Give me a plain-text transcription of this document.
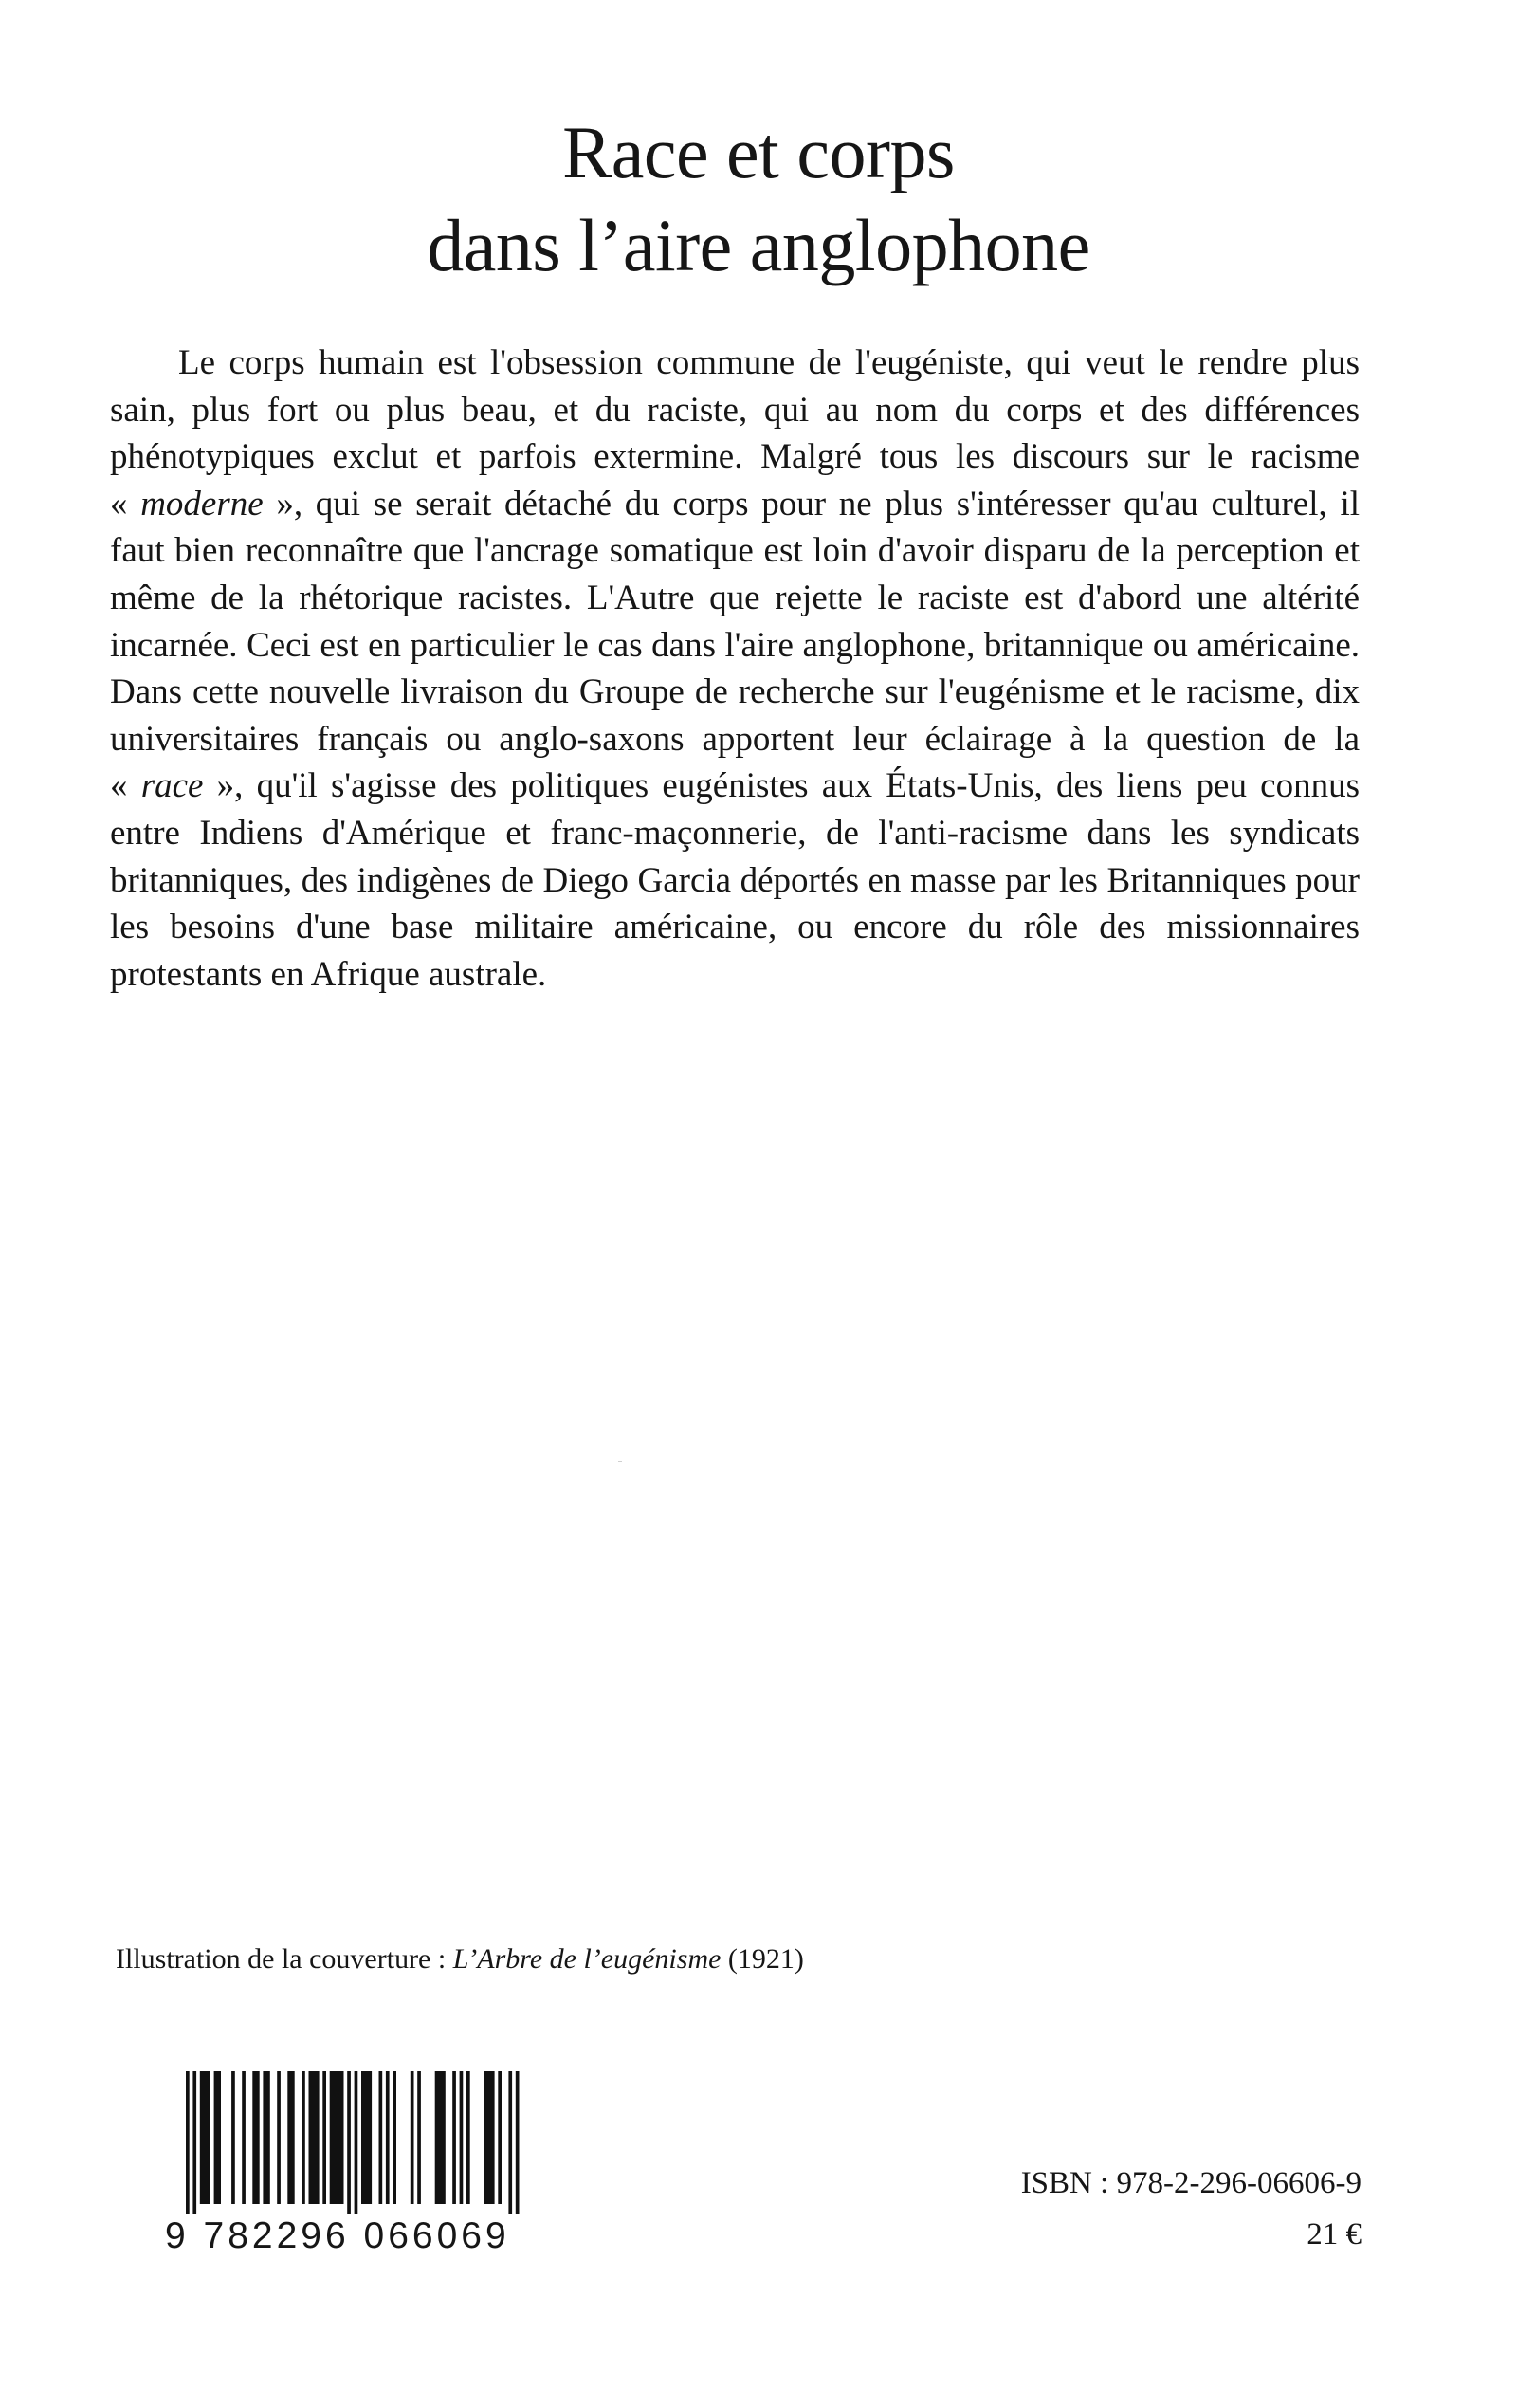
Race et corps
dans l’aire anglophone

Le corps humain est l'obsession commune de l'eugéniste, qui veut le rendre plus sain, plus fort ou plus beau, et du raciste, qui au nom du corps et des différences phénotypiques exclut et parfois extermine. Malgré tous les discours sur le racisme « moderne », qui se serait détaché du corps pour ne plus s'intéresser qu'au culturel, il faut bien reconnaître que l'ancrage somatique est loin d'avoir disparu de la perception et même de la rhétorique racistes. L'Autre que rejette le raciste est d'abord une altérité incarnée. Ceci est en particulier le cas dans l'aire anglophone, britannique ou américaine. Dans cette nouvelle livraison du Groupe de recherche sur l'eugénisme et le racisme, dix universitaires français ou anglo-saxons apportent leur éclairage à la question de la « race », qu'il s'agisse des politiques eugénistes aux États-Unis, des liens peu connus entre Indiens d'Amérique et franc-maçonnerie, de l'anti-racisme dans les syndicats britanniques, des indigènes de Diego Garcia déportés en masse par les Britanniques pour les besoins d'une base militaire américaine, ou encore du rôle des missionnaires protestants en Afrique australe.

Illustration de la couverture : L’Arbre de l’eugénisme (1921)
9 782296 066069
ISBN : 978-2-296-06606-9
21 €
